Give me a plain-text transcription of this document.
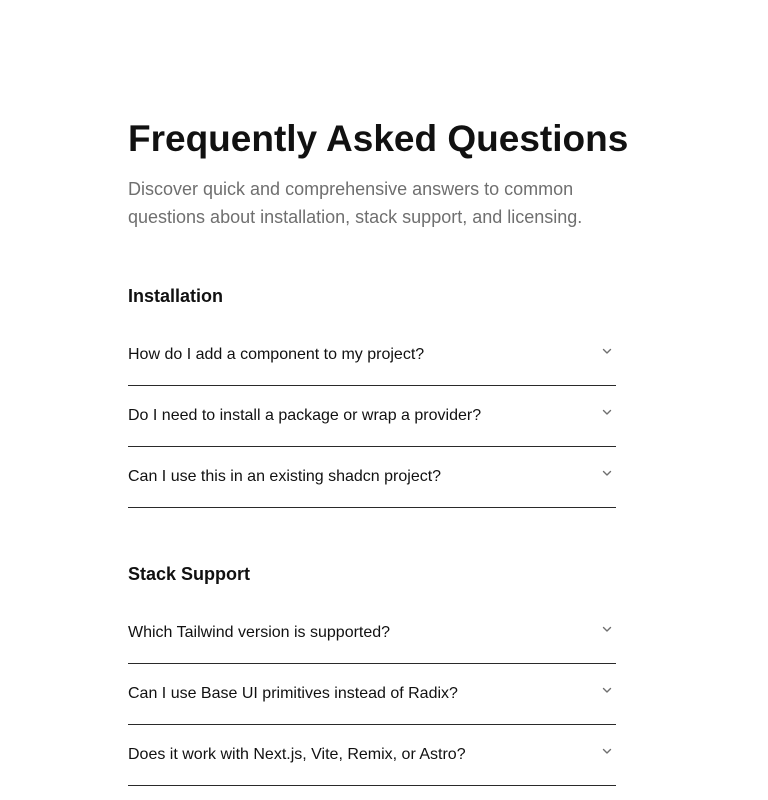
Frequently Asked Questions

Discover quick and comprehensive answers to common questions about installation, stack support, and licensing.

Installation
How do I add a component to my project?
Do I need to install a package or wrap a provider?
Can I use this in an existing shadcn project?
Stack Support
Which Tailwind version is supported?
Can I use Base UI primitives instead of Radix?
Does it work with Next.js, Vite, Remix, or Astro?
